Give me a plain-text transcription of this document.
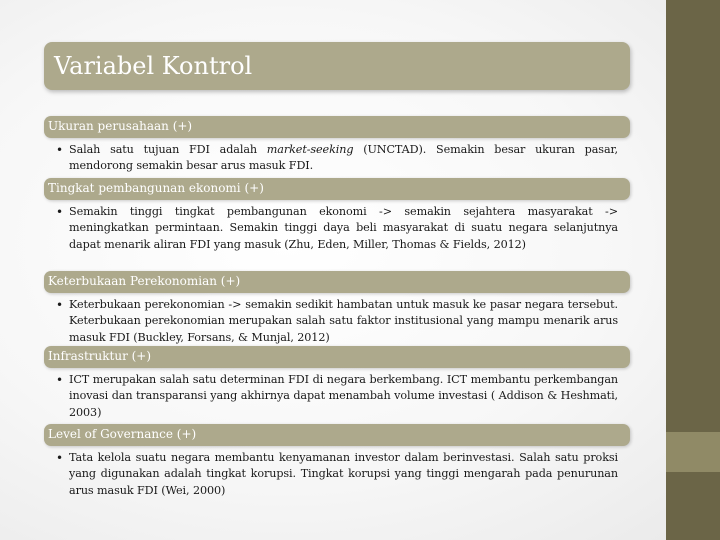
Variabel Kontrol
Ukuran perusahaan (+)
• Salah satu tujuan FDI adalah market-seeking (UNCTAD). Semakin besar ukuran pasar, mendorong semakin besar arus masuk FDI.

Tingkat pembangunan ekonomi (+)
• Semakin tinggi tingkat pembangunan ekonomi -> semakin sejahtera masyarakat -> meningkatkan permintaan. Semakin tinggi daya beli masyarakat di suatu negara selanjutnya dapat menarik aliran FDI yang masuk (Zhu, Eden, Miller, Thomas & Fields, 2012)

Keterbukaan Perekonomian (+)
• Keterbukaan perekonomian -> semakin sedikit hambatan untuk masuk ke pasar negara tersebut. Keterbukaan perekonomian merupakan salah satu faktor institusional yang mampu menarik arus masuk FDI (Buckley, Forsans, & Munjal, 2012)

Infrastruktur (+)
• ICT merupakan salah satu determinan FDI di negara berkembang. ICT membantu perkembangan inovasi dan transparansi yang akhirnya dapat menambah volume investasi ( Addison & Heshmati, 2003)

Level of Governance (+)
• Tata kelola suatu negara membantu kenyamanan investor dalam berinvestasi. Salah satu proksi yang digunakan adalah tingkat korupsi. Tingkat korupsi yang tinggi mengarah pada penurunan arus masuk FDI (Wei, 2000)
